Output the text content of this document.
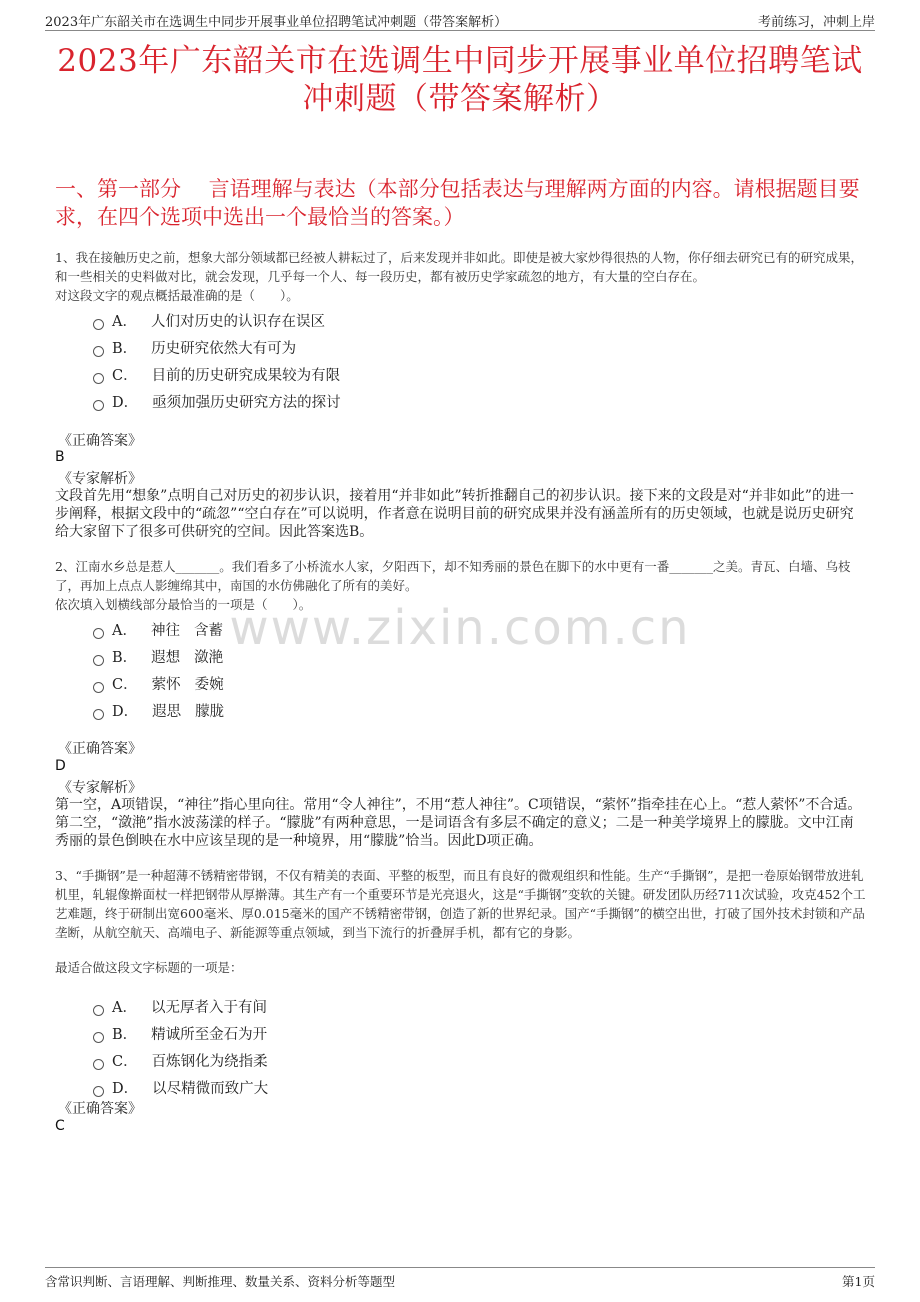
2023年广东韶关市在选调生中同步开展事业单位招聘笔试冲刺题（带答案解析）	考前练习，冲刺上岸
2023年广东韶关市在选调生中同步开展事业单位招聘笔试冲刺题（带答案解析）
一、第一部分　 言语理解与表达（本部分包括表达与理解两方面的内容。请根据题目要求，在四个选项中选出一个最恰当的答案。）
www.zixin.com.cn
1、我在接触历史之前，想象大部分领域都已经被人耕耘过了，后来发现并非如此。即使是被大家炒得很热的人物，你仔细去研究已有的研究成果，和一些相关的史料做对比，就会发现，几乎每一个人、每一段历史，都有被历史学家疏忽的地方，有大量的空白存在。
对这段文字的观点概括最准确的是（　　）。
A． 人们对历史的认识存在误区
B． 历史研究依然大有可为
C． 目前的历史研究成果较为有限
D． 亟须加强历史研究方法的探讨
《正确答案》
B
《专家解析》
文段首先用“想象”点明自己对历史的初步认识，接着用“并非如此”转折推翻自己的初步认识。接下来的文段是对“并非如此”的进一步阐释，根据文段中的“疏忽”“空白存在”可以说明，作者意在说明目前的研究成果并没有涵盖所有的历史领域，也就是说历史研究给大家留下了很多可供研究的空间。因此答案选B。
2、江南水乡总是惹人_______。我们看多了小桥流水人家，夕阳西下，却不知秀丽的景色在脚下的水中更有一番_______之美。青瓦、白墙、乌枝了，再加上点点人影缠绵其中，南国的水仿佛融化了所有的美好。
依次填入划横线部分最恰当的一项是（　　）。
A． 神往 含蓄
B． 遐想 潋滟
C． 萦怀 委婉
D． 遐思 朦胧
《正确答案》
D
《专家解析》
第一空，A项错误，“神往”指心里向往。常用“令人神往”，不用“惹人神往”。C项错误，“萦怀”指牵挂在心上。“惹人萦怀”不合适。第二空，“潋滟”指水波荡漾的样子。“朦胧”有两种意思，一是词语含有多层不确定的意义；二是一种美学境界上的朦胧。文中江南秀丽的景色倒映在水中应该呈现的是一种境界，用“朦胧”恰当。因此D项正确。
3、“手撕钢”是一种超薄不锈精密带钢，不仅有精美的表面、平整的板型，而且有良好的微观组织和性能。生产“手撕钢”，是把一卷原始钢带放进轧机里，轧辊像擀面杖一样把钢带从厚擀薄。其生产有一个重要环节是光亮退火，这是“手撕钢”变软的关键。研发团队历经711次试验，攻克452个工艺难题，终于研制出宽600毫米、厚0.015毫米的国产不锈精密带钢，创造了新的世界纪录。国产“手撕钢”的横空出世，打破了国外技术封锁和产品垄断，从航空航天、高端电子、新能源等重点领域，到当下流行的折叠屏手机，都有它的身影。
最适合做这段文字标题的一项是：
A． 以无厚者入于有间
B． 精诚所至金石为开
C． 百炼钢化为绕指柔
D． 以尽精微而致广大
《正确答案》
C
含常识判断、言语理解、判断推理、数量关系、资料分析等题型	第1页
